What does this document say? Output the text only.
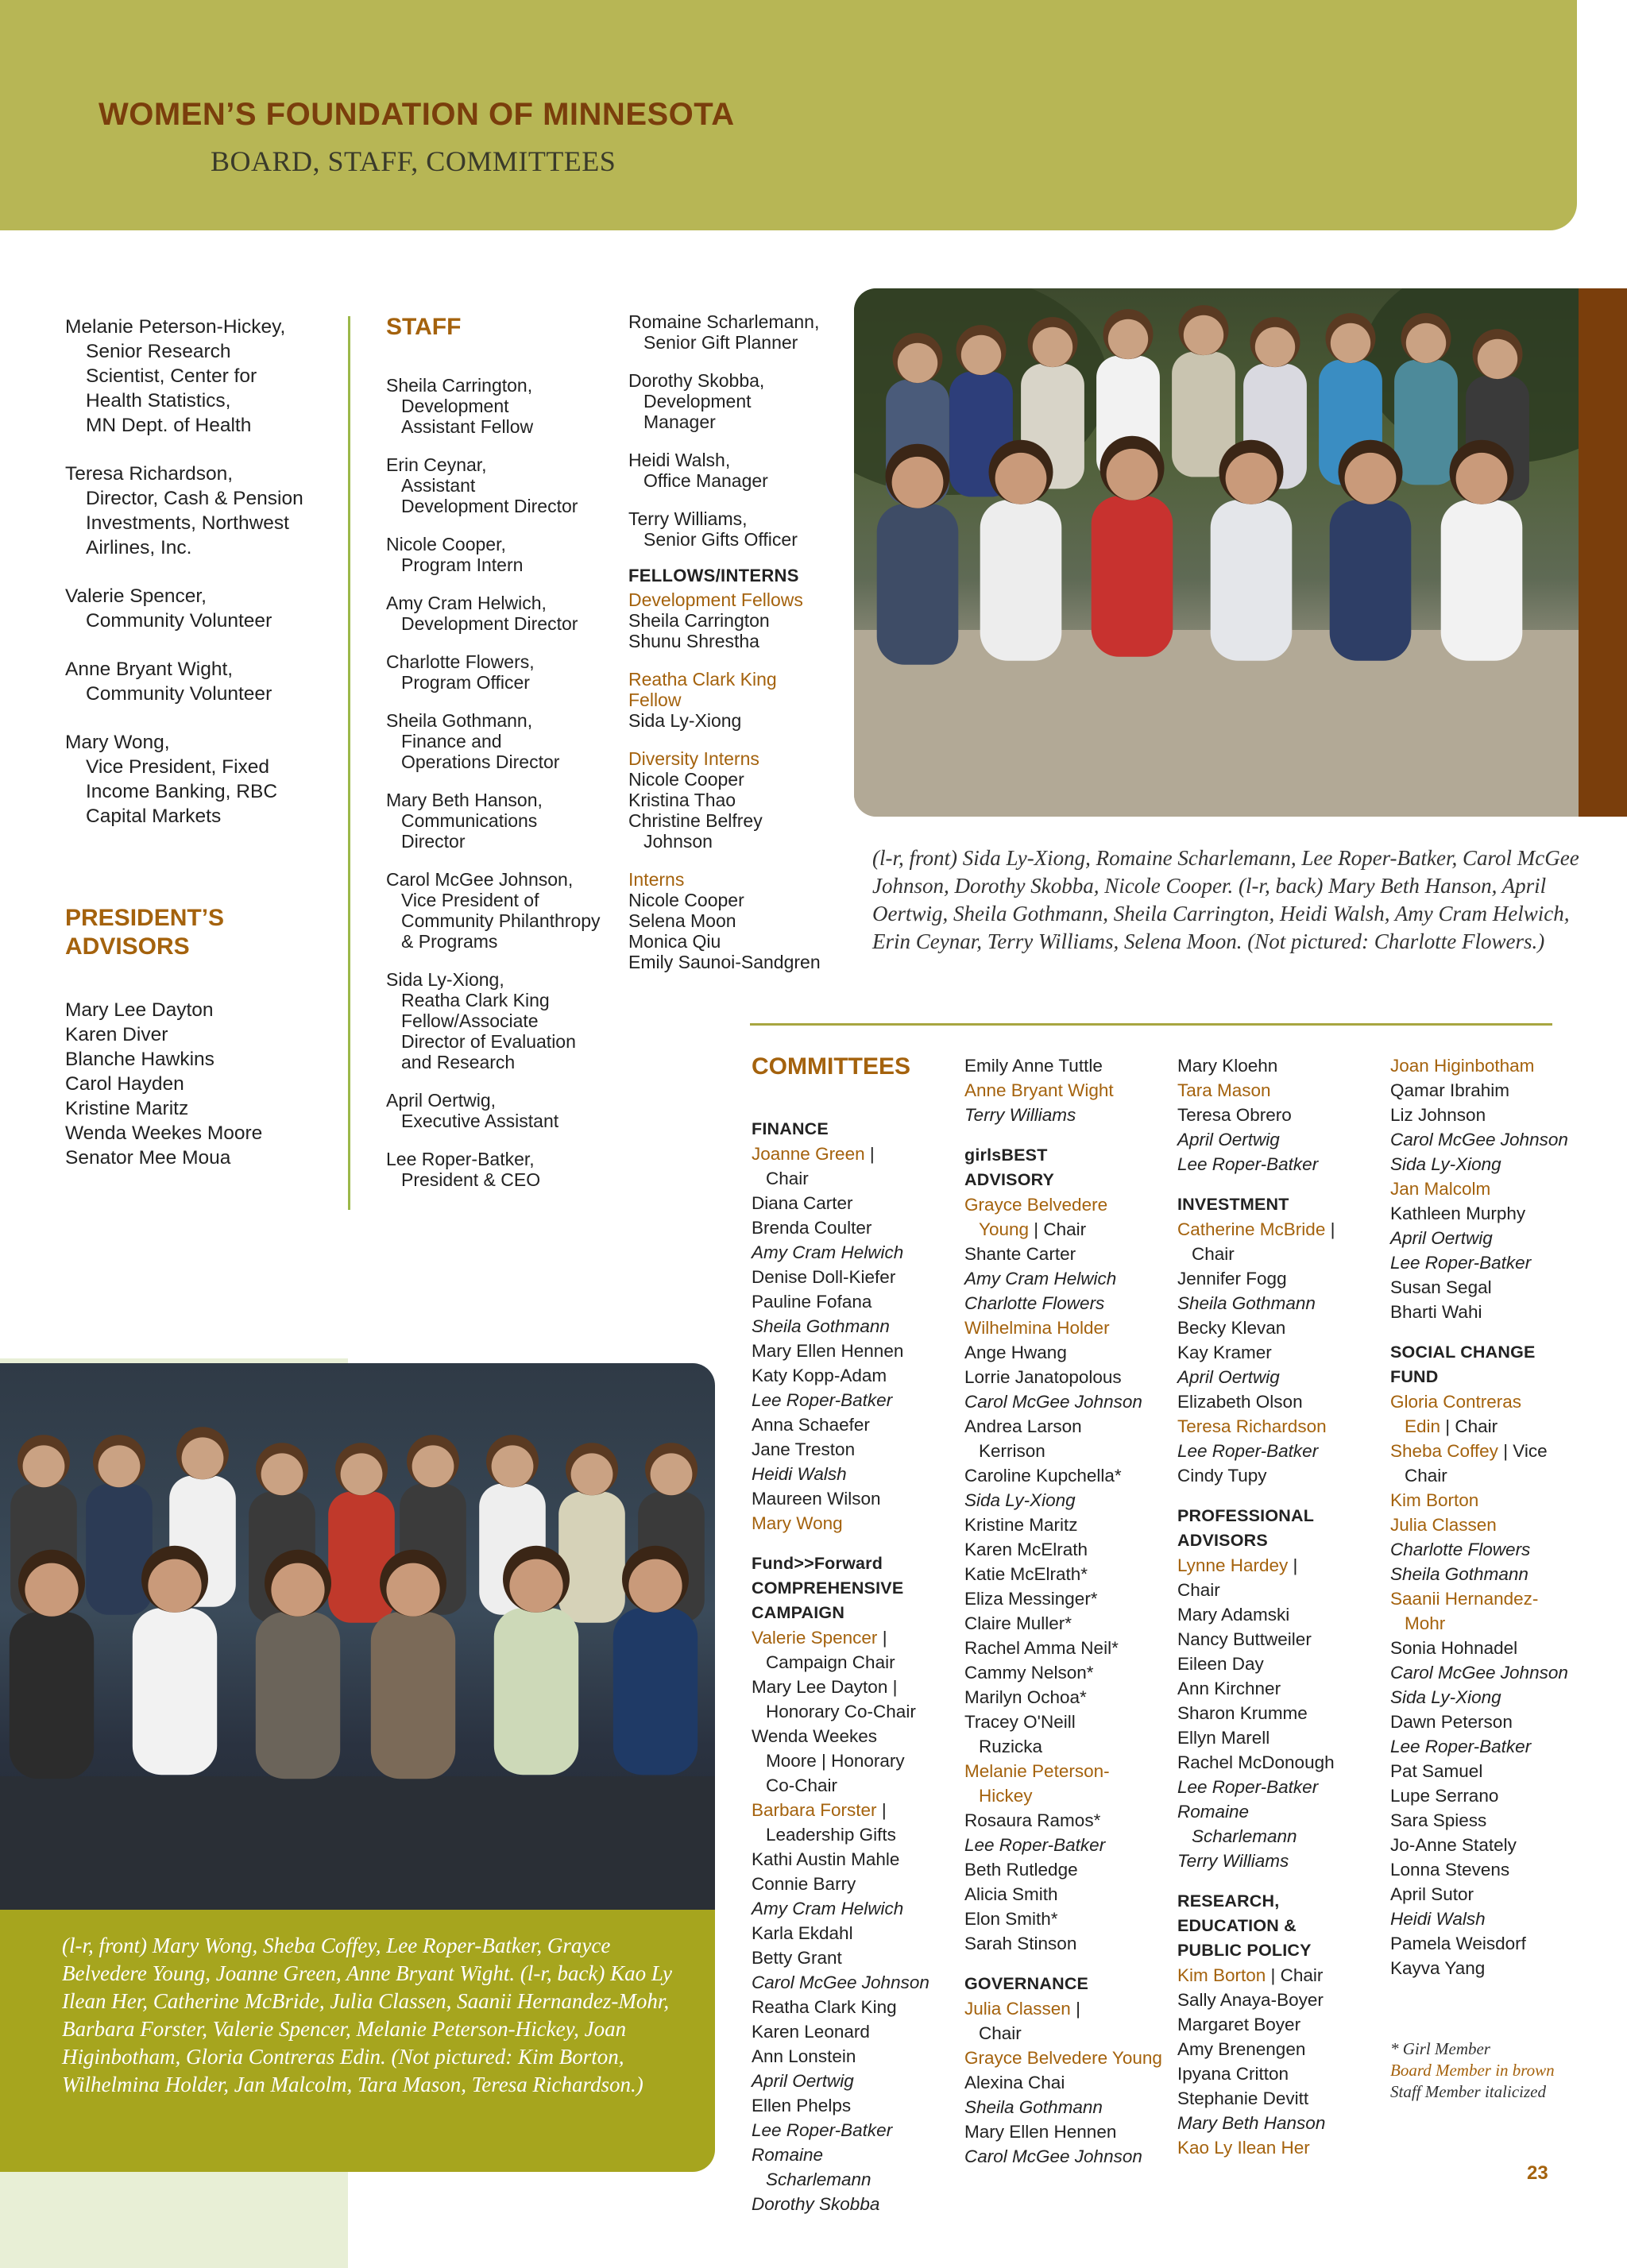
WOMEN’S FOUNDATION OF MINNESOTA
BOARD, STAFF, COMMITTEES
Melanie Peterson-Hickey,
Senior Research
Scientist, Center for
Health Statistics,
MN Dept. of Health
Teresa Richardson,
Director, Cash & Pension
Investments, Northwest
Airlines, Inc.
Valerie Spencer,
Community Volunteer
Anne Bryant Wight,
Community Volunteer
Mary Wong,
Vice President, Fixed
Income Banking, RBC
Capital Markets
PRESIDENT’S
ADVISORS
Mary Lee Dayton
Karen Diver
Blanche Hawkins
Carol Hayden
Kristine Maritz
Wenda Weekes Moore
Senator Mee Moua
STAFF
Sheila Carrington,
Development
Assistant Fellow
Erin Ceynar,
Assistant
Development Director
Nicole Cooper,
Program Intern
Amy Cram Helwich,
Development Director
Charlotte Flowers,
Program Officer
Sheila Gothmann,
Finance and
Operations Director
Mary Beth Hanson,
Communications
Director
Carol McGee Johnson,
Vice President of
Community Philanthropy
& Programs
Sida Ly-Xiong,
Reatha Clark King
Fellow/Associate
Director of Evaluation
and Research
April Oertwig,
Executive Assistant
Lee Roper-Batker,
President & CEO
Romaine Scharlemann,
Senior Gift Planner
Dorothy Skobba,
Development
Manager
Heidi Walsh,
Office Manager
Terry Williams,
Senior Gifts Officer
FELLOWS/INTERNS
Development Fellows
Sheila Carrington
Shunu Shrestha
Reatha Clark King
Fellow
Sida Ly-Xiong
Diversity Interns
Nicole Cooper
Kristina Thao
Christine Belfrey
Johnson
Interns
Nicole Cooper
Selena Moon
Monica Qiu
Emily Saunoi-Sandgren
(l-r, front) Sida Ly-Xiong, Romaine Scharlemann, Lee Roper-Batker, Carol McGee Johnson, Dorothy Skobba, Nicole Cooper. (l-r, back) Mary Beth Hanson, April Oertwig, Sheila Gothmann, Sheila Carrington, Heidi Walsh, Amy Cram Helwich, Erin Ceynar, Terry Williams, Selena Moon. (Not pictured: Charlotte Flowers.)
(l-r, front) Mary Wong, Sheba Coffey, Lee Roper-Batker, Grayce Belvedere Young, Joanne Green, Anne Bryant Wight. (l-r, back) Kao Ly Ilean Her, Catherine McBride, Julia Classen, Saanii Hernandez-Mohr, Barbara Forster, Valerie Spencer, Melanie Peterson-Hickey, Joan Higinbotham, Gloria Contreras Edin. (Not pictured: Kim Borton, Wilhelmina Holder, Jan Malcolm, Tara Mason, Teresa Richardson.)
COMMITTEES
FINANCE
Joanne Green |
Chair
Diana Carter
Brenda Coulter
Amy Cram Helwich
Denise Doll-Kiefer
Pauline Fofana
Sheila Gothmann
Mary Ellen Hennen
Katy Kopp-Adam
Lee Roper-Batker
Anna Schaefer
Jane Treston
Heidi Walsh
Maureen Wilson
Mary Wong
Fund>>Forward
COMPREHENSIVE
CAMPAIGN
Valerie Spencer |
Campaign Chair
Mary Lee Dayton |
Honorary Co-Chair
Wenda Weekes
Moore | Honorary
Co-Chair
Barbara Forster |
Leadership Gifts
Kathi Austin Mahle
Connie Barry
Amy Cram Helwich
Karla Ekdahl
Betty Grant
Carol McGee Johnson
Reatha Clark King
Karen Leonard
Ann Lonstein
April Oertwig
Ellen Phelps
Lee Roper-Batker
Romaine
Scharlemann
Dorothy Skobba
Emily Anne Tuttle
Anne Bryant Wight
Terry Williams
girlsBEST
ADVISORY
Grayce Belvedere
Young | Chair
Shante Carter
Amy Cram Helwich
Charlotte Flowers
Wilhelmina Holder
Ange Hwang
Lorrie Janatopolous
Carol McGee Johnson
Andrea Larson
Kerrison
Caroline Kupchella*
Sida Ly-Xiong
Kristine Maritz
Karen McElrath
Katie McElrath*
Eliza Messinger*
Claire Muller*
Rachel Amma Neil*
Cammy Nelson*
Marilyn Ochoa*
Tracey O'Neill
Ruzicka
Melanie Peterson-
Hickey
Rosaura Ramos*
Lee Roper-Batker
Beth Rutledge
Alicia Smith
Elon Smith*
Sarah Stinson
GOVERNANCE
Julia Classen |
Chair
Grayce Belvedere Young
Alexina Chai
Sheila Gothmann
Mary Ellen Hennen
Carol McGee Johnson
Mary Kloehn
Tara Mason
Teresa Obrero
April Oertwig
Lee Roper-Batker
INVESTMENT
Catherine McBride |
Chair
Jennifer Fogg
Sheila Gothmann
Becky Klevan
Kay Kramer
April Oertwig
Elizabeth Olson
Teresa Richardson
Lee Roper-Batker
Cindy Tupy
PROFESSIONAL
ADVISORS
Lynne Hardey |
Chair
Mary Adamski
Nancy Buttweiler
Eileen Day
Ann Kirchner
Sharon Krumme
Ellyn Marell
Rachel McDonough
Lee Roper-Batker
Romaine
Scharlemann
Terry Williams
RESEARCH,
EDUCATION &
PUBLIC POLICY
Kim Borton | Chair
Sally Anaya-Boyer
Margaret Boyer
Amy Brenengen
Ipyana Critton
Stephanie Devitt
Mary Beth Hanson
Kao Ly Ilean Her
Joan Higinbotham
Qamar Ibrahim
Liz Johnson
Carol McGee Johnson
Sida Ly-Xiong
Jan Malcolm
Kathleen Murphy
April Oertwig
Lee Roper-Batker
Susan Segal
Bharti Wahi
SOCIAL CHANGE
FUND
Gloria Contreras
Edin | Chair
Sheba Coffey | Vice
Chair
Kim Borton
Julia Classen
Charlotte Flowers
Sheila Gothmann
Saanii Hernandez-
Mohr
Sonia Hohnadel
Carol McGee Johnson
Sida Ly-Xiong
Dawn Peterson
Lee Roper-Batker
Pat Samuel
Lupe Serrano
Sara Spiess
Jo-Anne Stately
Lonna Stevens
April Sutor
Heidi Walsh
Pamela Weisdorf
Kayva Yang
* Girl Member
Board Member in brown
Staff Member italicized
23
